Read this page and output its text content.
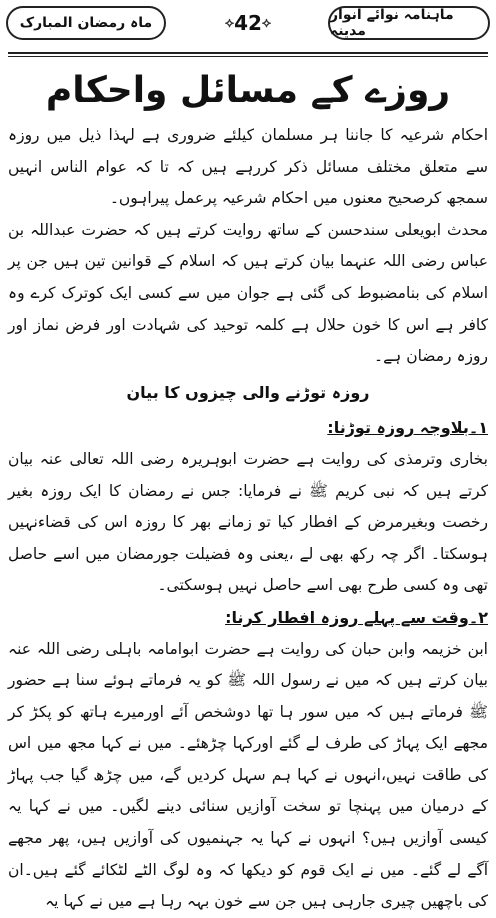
ماہ رمضان المبارک	⟡ 42 ⟡	ماہنامہ نوائے انوار مدینہ
روزے کے مسائل واحکام

احکام شرعیہ کا جاننا ہر مسلمان کیلئے ضروری ہے لہذا ذیل میں روزہ سے متعلق مختلف مسائل ذکر کررہے ہیں کہ تا کہ عوام الناس انہیں سمجھ کرصحیح معنوں میں احکام شرعیہ پرعمل پیراہوں۔

محدث ابویعلی سندحسن کے ساتھ روایت کرتے ہیں کہ حضرت عبداللہ بن عباس رضی اللہ عنہما بیان کرتے ہیں کہ اسلام کے قوانین تین ہیں جن پر اسلام کی بنامضبوط کی گئی ہے جوان میں سے کسی ایک کوترک کرے وہ کافر ہے اس کا خون حلال ہے کلمہ توحید کی شہادت اور فرض نماز اور روزہ رمضان ہے۔

روزہ توڑنے والی چیزوں کا بیان
۱۔بلاوجہ روزہ توڑنا:

بخاری وترمذی کی روایت ہے حضرت ابوہریرہ رضی اللہ تعالی عنہ بیان کرتے ہیں کہ نبی کریم ﷺ نے فرمایا: جس نے رمضان کا ایک روزہ بغیر رخصت وبغیرمرض کے افطار کیا تو زمانے بھر کا روزہ اس کی قضاءنہیں ہوسکتا۔ اگر چہ رکھ بھی لے ،یعنی وہ فضیلت جورمضان میں اسے حاصل تھی وہ کسی طرح بھی اسے حاصل نہیں ہوسکتی۔

۲۔وقت سے پہلے روزہ افطار کرنا:

ابن خزیمہ وابن حبان کی روایت ہے حضرت ابوامامہ باہلی رضی اللہ عنہ بیان کرتے ہیں کہ میں نے رسول اللہ ﷺ کو یہ فرماتے ہوئے سنا ہے حضور ﷺ فرماتے ہیں کہ میں سور ہا تھا دوشخص آئے اورمیرے ہاتھ کو پکڑ کر مجھے ایک پہاڑ کی طرف لے گئے اورکہا چڑھئے۔ میں نے کہا مجھ میں اس کی طاقت نہیں،انہوں نے کہا ہم سہل کردیں گے، میں چڑھ گیا جب پہاڑ کے درمیان میں پہنچا تو سخت آوازیں سنائی دینے لگیں۔ میں نے کہا یہ کیسی آوازیں ہیں؟ انہوں نے کہا یہ جہنمیوں کی آوازیں ہیں، پھر مجھے آگے لے گئے۔ میں نے ایک قوم کو دیکھا کہ وہ لوگ الٹے لٹکائے گئے ہیں۔ان کی باچھیں چیری جارہی ہیں جن سے خون بہہ رہا ہے میں نے کہا یہ
